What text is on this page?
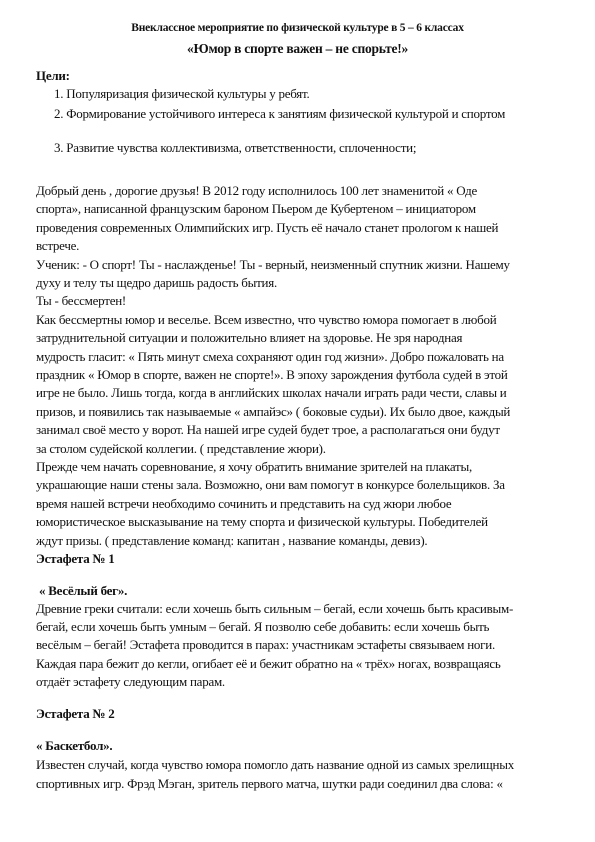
Внеклассное мероприятие по физической культуре в 5 – 6 классах
«Юмор в спорте важен – не спорьте!»
Цели:
1. Популяризация физической культуры у ребят.
2. Формирование устойчивого интереса к занятиям физической культурой и спортом
3. Развитие чувства коллективизма, ответственности, сплоченности;
Добрый день , дорогие друзья! В 2012 году исполнилось 100 лет знаменитой « Оде
спорта», написанной французским бароном Пьером де Кубертеном – инициатором
проведения современных Олимпийских игр. Пусть её начало станет прологом к нашей
встрече.
Ученик: - О спорт! Ты - наслажденье! Ты - верный, неизменный спутник жизни. Нашему
духу и телу ты щедро даришь радость бытия.
Ты - бессмертен!
Как бессмертны юмор и веселье. Всем известно, что чувство юмора помогает в любой
затруднительной ситуации и положительно влияет на здоровье. Не зря народная
мудрость гласит: « Пять минут смеха сохраняют один год жизни». Добро пожаловать на
праздник « Юмор в спорте, важен не спорте!». В эпоху зарождения футбола судей в этой
игре не было. Лишь тогда, когда в английских школах начали играть ради чести, славы и
призов, и появились так называемые « ампайэс» ( боковые судьи). Их было двое, каждый
занимал своё место у ворот. На нашей игре судей будет трое, а располагаться они будут
за столом судейской коллегии. ( представление жюри).
Прежде чем начать соревнование, я хочу обратить внимание зрителей на плакаты,
украшающие наши стены зала. Возможно, они вам помогут в конкурсе болельщиков. За
время нашей встречи необходимо сочинить и представить на суд жюри любое
юмористическое высказывание на тему спорта и физической культуры. Победителей
ждут призы. ( представление команд: капитан , название команды, девиз).
Эстафета № 1
« Весёлый бег».
Древние греки считали: если хочешь быть сильным – бегай, если хочешь быть красивым-
бегай, если хочешь быть умным – бегай. Я позволю себе добавить: если хочешь быть
весёлым – бегай! Эстафета проводится в парах: участникам эстафеты связываем ноги.
Каждая пара бежит до кегли, огибает её и бежит обратно на « трёх» ногах, возвращаясь
отдаёт эстафету следующим парам.
Эстафета № 2
« Баскетбол».
Известен случай, когда чувство юмора помогло дать название одной из самых зрелищных
спортивных игр. Фрэд Мэган, зритель первого матча, шутки ради соединил два слова: «
